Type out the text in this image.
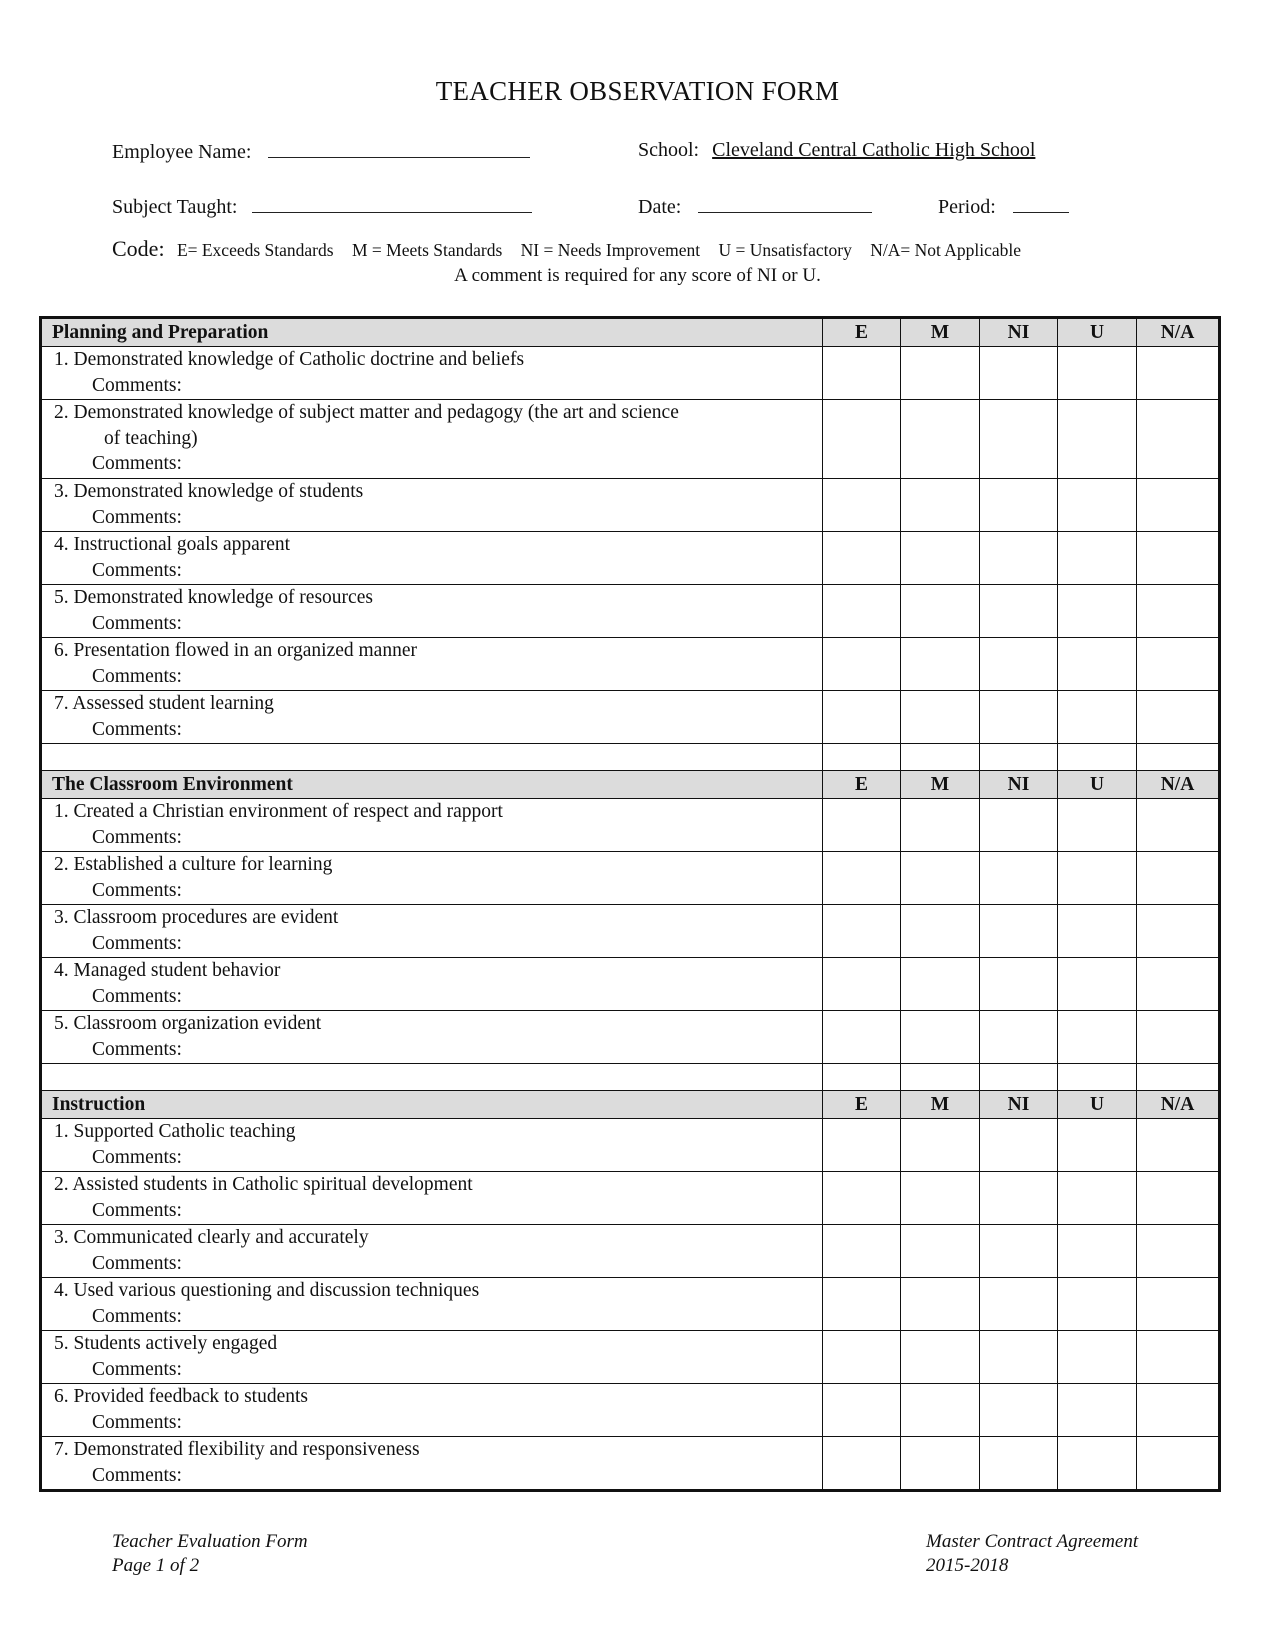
TEACHER OBSERVATION FORM
Employee Name:	School: Cleveland Central Catholic High School
Subject Taught:	Date:	Period:
Code: E= Exceeds Standards M = Meets Standards NI = Needs Improvement U = Unsatisfactory N/A= Not Applicable
A comment is required for any score of NI or U.
Planning and Preparation	E	M	NI	U	N/A

1. Demonstrated knowledge of Catholic doctrine and beliefs
Comments:					

2. Demonstrated knowledge of subject matter and pedagogy (the art and science
of teaching)
Comments:					

3. Demonstrated knowledge of students
Comments:					

4. Instructional goals apparent
Comments:					

5. Demonstrated knowledge of resources
Comments:					

6. Presentation flowed in an organized manner
Comments:					

7. Assessed student learning
Comments:					

The Classroom Environment	E	M	NI	U	N/A

1. Created a Christian environment of respect and rapport
Comments:					

2. Established a culture for learning
Comments:					

3. Classroom procedures are evident
Comments:					

4. Managed student behavior
Comments:					

5. Classroom organization evident
Comments:					

Instruction	E	M	NI	U	N/A

1. Supported Catholic teaching
Comments:					

2. Assisted students in Catholic spiritual development
Comments:					

3. Communicated clearly and accurately
Comments:					

4. Used various questioning and discussion techniques
Comments:					

5. Students actively engaged
Comments:					

6. Provided feedback to students
Comments:					

7. Demonstrated flexibility and responsiveness
Comments:					

Teacher Evaluation Form
Page 1 of 2
Master Contract Agreement
2015-2018
